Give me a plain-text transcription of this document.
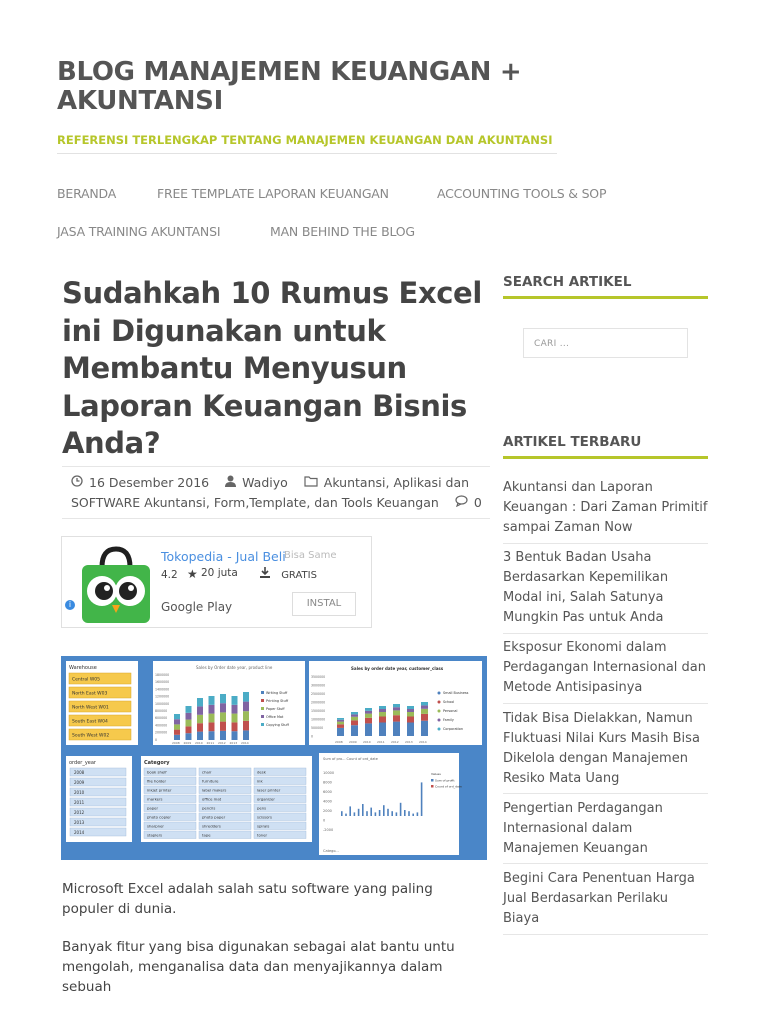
BLOG MANAJEMEN KEUANGAN + AKUNTANSI
REFERENSI TERLENGKAP TENTANG MANAJEMEN KEUANGAN DAN AKUNTANSI
BERANDA	FREE TEMPLATE LAPORAN KEUANGAN	ACCOUNTING TOOLS & SOP
JASA TRAINING AKUNTANSI	MAN BEHIND THE BLOG
Sudahkah 10 Rumus Excel ini Digunakan untuk Membantu Menyusun Laporan Keuangan Bisnis Anda?
16 Desember 2016	Wadiyo	Akuntansi, Aplikasi dan SOFTWARE Akuntansi, Form,Template, dan Tools Keuangan	0
Bisa Same
Tokopedia - Jual Beli
4.2 ★ 20 juta	GRATIS
Google Play	INSTAL
i
Warehouse
Central W05
North East W03
North West W01
South East W04
South West W02
Sales by Order date year, product line
1800000
1600000
1400000
1200000
1000000
800000
600000
400000
200000
0
2008 2009 2010 2011 2012 2013 2014
Writing Stuff
Printing Stuff
Paper Stuff
Office Mat
Copying Stuff
Sales by order date year, customer_class
3500000
3000000
2500000
2000000
1500000
1000000
500000
0
Small Business
School
Personal
Family
Corporation
2008 2009 2010 2011 2012 2013 2014
order_year
2008
2009
2010
2011
2012
2013
2014
Category
book shelf	chair	desk
file holder	furniture	ink
inkjet printer	label makers	laser printer
markers	office mat	organizer
paper	pencils	pens
photo copier	photo paper	scissors
sharpner	shredders	spirals
staplers	tape	toner
Sum of pro... Count of ord_date
10000
8000
6000
4000
2000
0
-2000
Values
Sum of profit
Count of ord_date
Catego...

Microsoft Excel adalah salah satu software yang paling populer di dunia.

Banyak fitur yang bisa digunakan sebagai alat bantu untu mengolah, menganalisa data dan menyajikannya dalam sebuah

SEARCH ARTIKEL
CARI ...
ARTIKEL TERBARU
Akuntansi dan Laporan Keuangan : Dari Zaman Primitif sampai Zaman Now
3 Bentuk Badan Usaha Berdasarkan Kepemilikan Modal ini, Salah Satunya Mungkin Pas untuk Anda
Eksposur Ekonomi dalam Perdagangan Internasional dan Metode Antisipasinya
Tidak Bisa Dielakkan, Namun Fluktuasi Nilai Kurs Masih Bisa Dikelola dengan Manajemen Resiko Mata Uang
Pengertian Perdagangan Internasional dalam Manajemen Keuangan
Begini Cara Penentuan Harga Jual Berdasarkan Perilaku Biaya
